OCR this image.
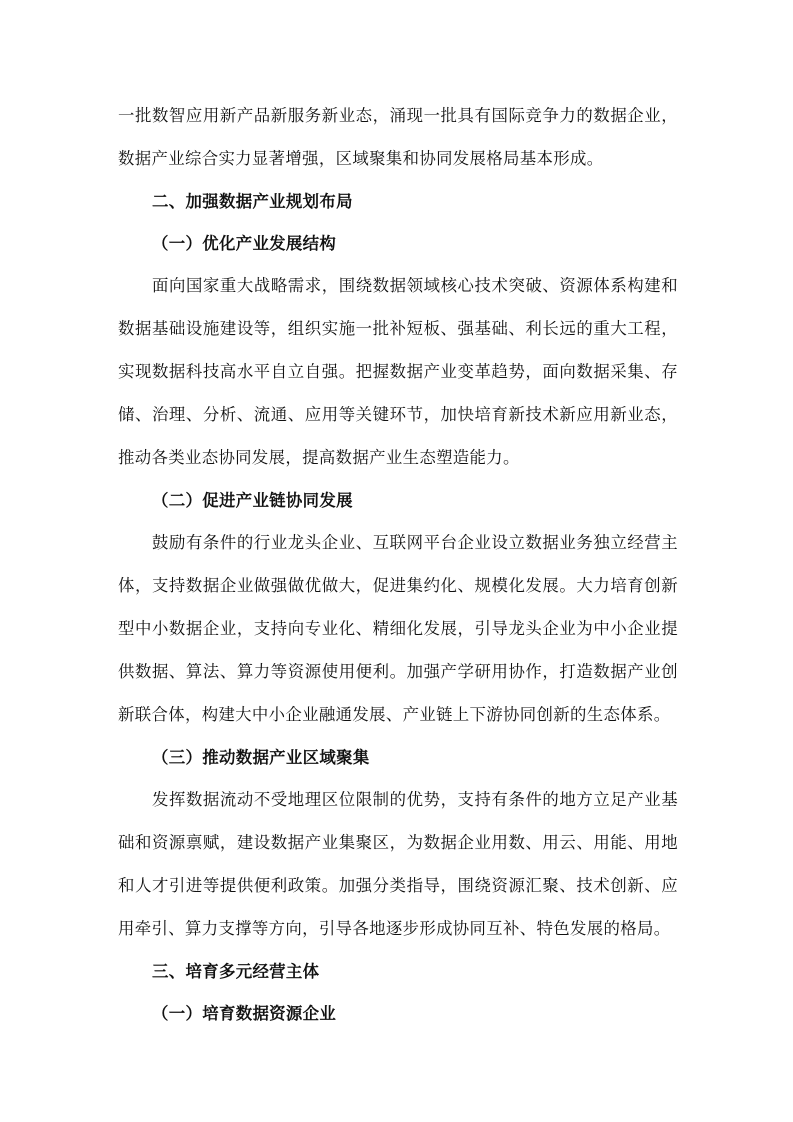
一批数智应用新产品新服务新业态，涌现一批具有国际竞争力的数据企业，
数据产业综合实力显著增强，区域聚集和协同发展格局基本形成。
二、加强数据产业规划布局
（一）优化产业发展结构
面向国家重大战略需求，围绕数据领域核心技术突破、资源体系构建和
数据基础设施建设等，组织实施一批补短板、强基础、利长远的重大工程，
实现数据科技高水平自立自强。把握数据产业变革趋势，面向数据采集、存
储、治理、分析、流通、应用等关键环节，加快培育新技术新应用新业态，
推动各类业态协同发展，提高数据产业生态塑造能力。
（二）促进产业链协同发展
鼓励有条件的行业龙头企业、互联网平台企业设立数据业务独立经营主
体，支持数据企业做强做优做大，促进集约化、规模化发展。大力培育创新
型中小数据企业，支持向专业化、精细化发展，引导龙头企业为中小企业提
供数据、算法、算力等资源使用便利。加强产学研用协作，打造数据产业创
新联合体，构建大中小企业融通发展、产业链上下游协同创新的生态体系。
（三）推动数据产业区域聚集
发挥数据流动不受地理区位限制的优势，支持有条件的地方立足产业基
础和资源禀赋，建设数据产业集聚区，为数据企业用数、用云、用能、用地
和人才引进等提供便利政策。加强分类指导，围绕资源汇聚、技术创新、应
用牵引、算力支撑等方向，引导各地逐步形成协同互补、特色发展的格局。
三、培育多元经营主体
（一）培育数据资源企业
